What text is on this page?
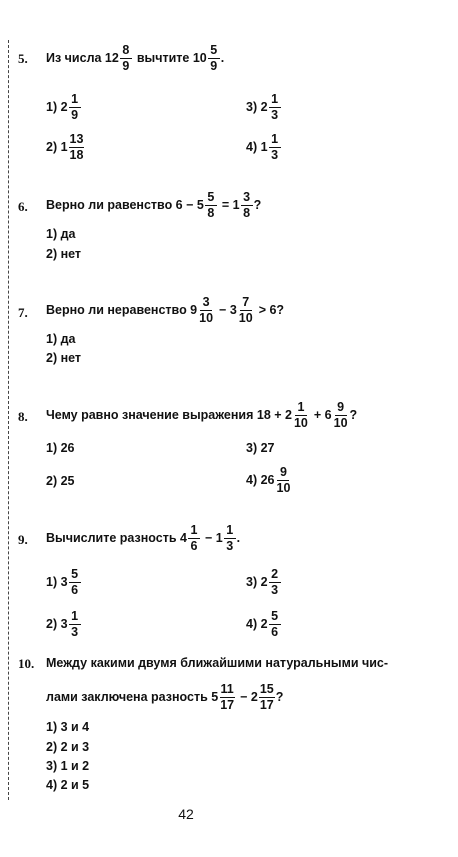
5. Из числа $12 \frac{8}{9}$ вычтите $10 \frac{5}{9}$ .
1) $2 \frac{1}{9}$	3) $2 \frac{1}{3}$
2) $1 \frac{13}{18}$	4) $1 \frac{1}{3}$
6. Верно ли равенство $6 - 5 \frac{5}{8} = 1 \frac{3}{8}$ ?
1) да
2) нет
7. Верно ли неравенство $9 \frac{3}{10} - 3 \frac{7}{10} > 6$?
1) да
2) нет
8. Чему равно значение выражения $18 + 2 \frac{1}{10} + 6 \frac{9}{10}$ ?
1) 26	3) 27
2) 25	4) $26 \frac{9}{10}$
9. Вычислите разность $4 \frac{1}{6} - 1 \frac{1}{3}$ .
1) $3 \frac{5}{6}$	3) $2 \frac{2}{3}$
2) $3 \frac{1}{3}$	4) $2 \frac{5}{6}$
10. Между какими двумя ближайшими натуральными чис-
лами заключена разность $5 \frac{11}{17} - 2 \frac{15}{17}$ ?
1) 3 и 4
2) 2 и 3
3) 1 и 2
4) 2 и 5
42
